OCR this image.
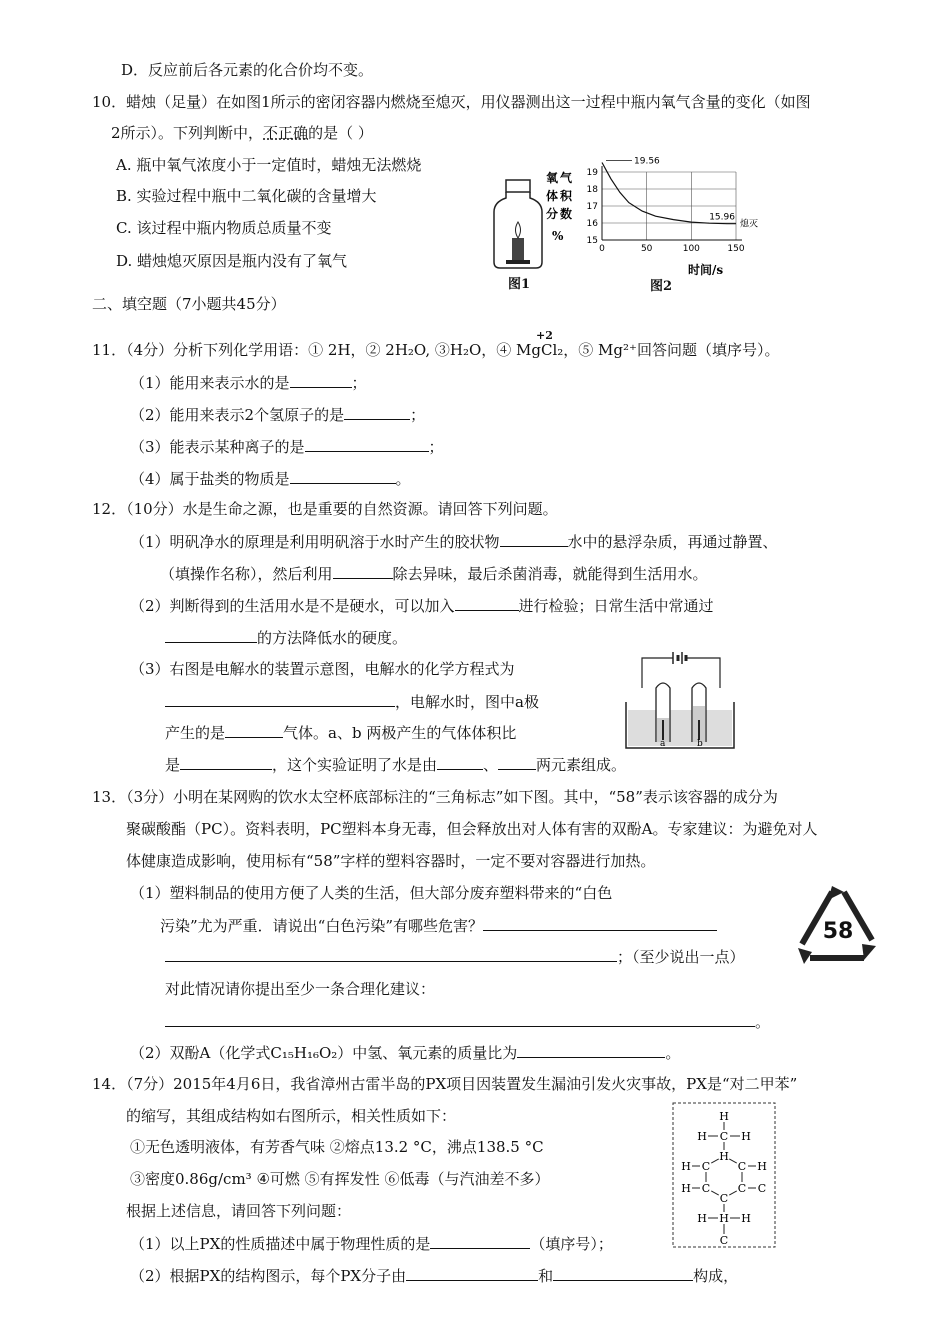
D．反应前后各元素的化合价均不变。
10．蜡烛（足量）在如图1所示的密闭容器内燃烧至熄灭，用仪器测出这一过程中瓶内氧气含量的变化（如图
2所示）。下列判断中，不正确的是（ ）
A. 瓶中氧气浓度小于一定值时，蜡烛无法燃烧
B. 实验过程中瓶中二氧化碳的含量增大
C. 该过程中瓶内物质总质量不变
D. 蜡烛熄灭原因是瓶内没有了氧气
图1
15
16
17
18
19
0	50	100	150
19.56
15.96
熄灭
氧 气
体 积
分 数
%
时间/s
图2
二、填空题（7小题共45分）
+2
11．（4分）分析下列化学用语：① 2H，② 2H₂O, ③H₂O，④ MgCl₂，⑤ Mg²⁺回答问题（填序号）。
（1）能用来表示水的是	；
（2）能用来表示2个氢原子的是	；
（3）能表示某种离子的是	；
（4）属于盐类的物质是	。
12．（10分）水是生命之源，也是重要的自然资源。请回答下列问题。
（1）明矾净水的原理是利用明矾溶于水时产生的胶状物	水中的悬浮杂质，再通过静置、
（填操作名称），然后利用	除去异味，最后杀菌消毒，就能得到生活用水。
（2）判断得到的生活用水是不是硬水，可以加入	进行检验；日常生活中常通过
的方法降低水的硬度。
（3）右图是电解水的装置示意图，电解水的化学方程式为
，电解水时，图中a极
产生的是	气体。a、b 两极产生的气体体积比
是	，这个实验证明了水是由	、	两元素组成。
a	b
13．（3分）小明在某网购的饮水太空杯底部标注的“三角标志”如下图。其中，“58”表示该容器的成分为
聚碳酸酯（PC）。资料表明，PC塑料本身无毒，但会释放出对人体有害的双酚A。专家建议：为避免对人
体健康造成影响，使用标有“58”字样的塑料容器时，一定不要对容器进行加热。
（1）塑料制品的使用方便了人类的生活，但大部分废弃塑料带来的“白色
污染”尤为严重．请说出“白色污染”有哪些危害？
；（至少说出一点）
对此情况请你提出至少一条合理化建议：
。
（2）双酚A（化学式C₁₅H₁₆O₂）中氢、氧元素的质量比为	。
58
14．（7分）2015年4月6日，我省漳州古雷半岛的PX项目因装置发生漏油引发火灾事故，PX是“对二甲苯”
的缩写，其组成结构如右图所示，相关性质如下：
①无色透明液体，有芳香气味 ②熔点13.2 °C，沸点138.5 °C
③密度0.86g/cm³ ④可燃 ⑤有挥发性 ⑥低毒（与汽油差不多）
根据上述信息，请回答下列问题：
（1）以上PX的性质描述中属于物理性质的是	（填序号）；
（2）根据PX的结构图示，每个PX分子由	和	构成，
H
C
H	H
H
C	C
H
C	C
H
H
C
C
H
H
C
H
